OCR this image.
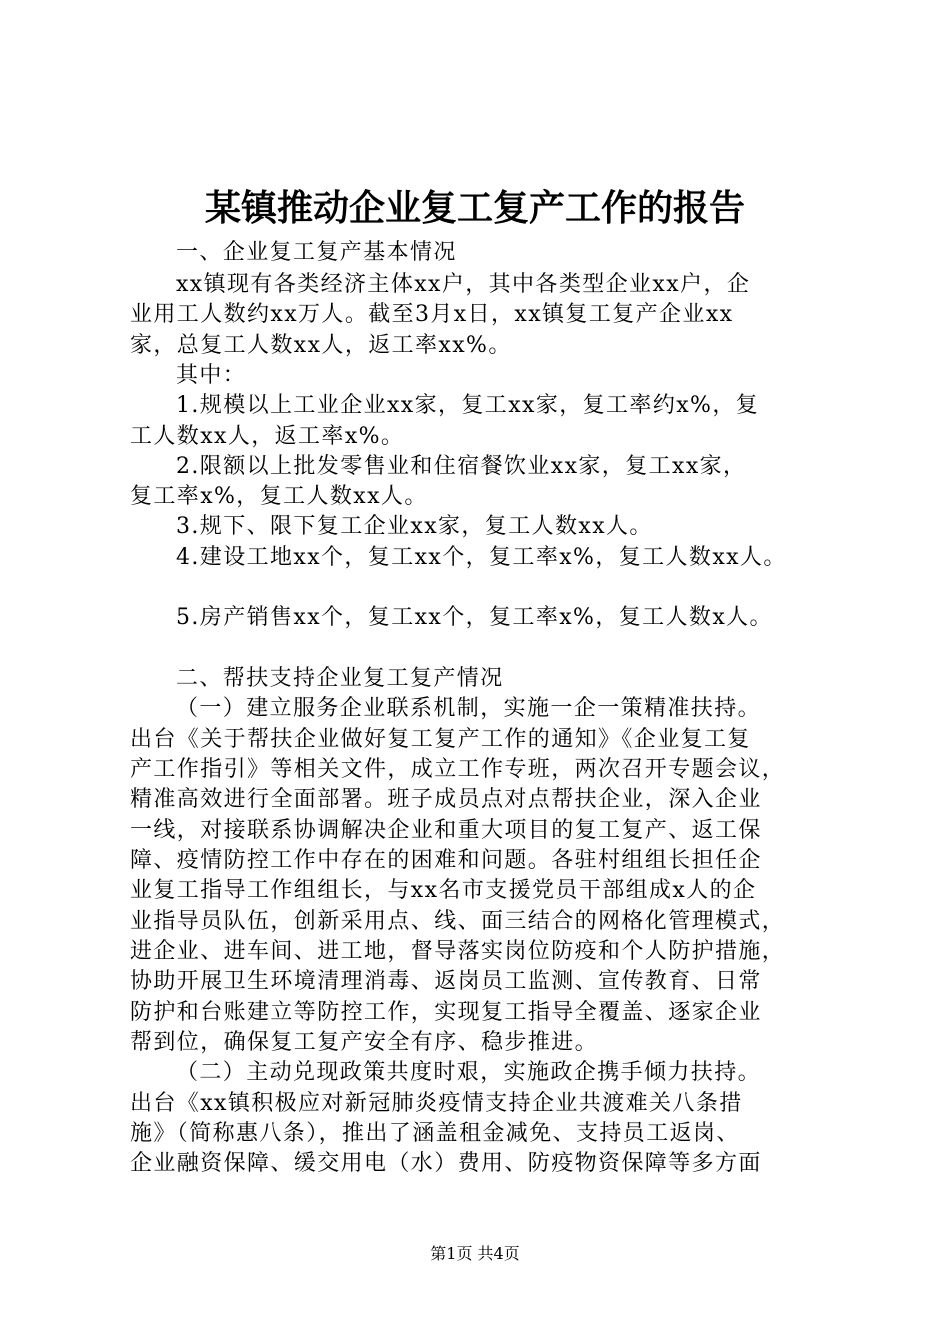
某镇推动企业复工复产工作的报告
一、企业复工复产基本情况
xx镇现有各类经济主体xx户，其中各类型企业xx户，企
业用工人数约xx万人。截至3月x日，xx镇复工复产企业xx
家，总复工人数xx人，返工率xx%。
其中：
1.规模以上工业企业xx家，复工xx家，复工率约x%，复
工人数xx人，返工率x%。
2.限额以上批发零售业和住宿餐饮业xx家，复工xx家，
复工率x%，复工人数xx人。
3.规下、限下复工企业xx家，复工人数xx人。
4.建设工地xx个，复工xx个，复工率x%，复工人数xx人。
5.房产销售xx个，复工xx个，复工率x%，复工人数x人。
二、帮扶支持企业复工复产情况
（一）建立服务企业联系机制，实施一企一策精准扶持。
出台《关于帮扶企业做好复工复产工作的通知》《企业复工复
产工作指引》等相关文件，成立工作专班，两次召开专题会议，
精准高效进行全面部署。班子成员点对点帮扶企业，深入企业
一线，对接联系协调解决企业和重大项目的复工复产、返工保
障、疫情防控工作中存在的困难和问题。各驻村组组长担任企
业复工指导工作组组长，与xx名市支援党员干部组成x人的企
业指导员队伍，创新采用点、线、面三结合的网格化管理模式，
进企业、进车间、进工地，督导落实岗位防疫和个人防护措施，
协助开展卫生环境清理消毒、返岗员工监测、宣传教育、日常
防护和台账建立等防控工作，实现复工指导全覆盖、逐家企业
帮到位，确保复工复产安全有序、稳步推进。
（二）主动兑现政策共度时艰，实施政企携手倾力扶持。
出台《xx镇积极应对新冠肺炎疫情支持企业共渡难关八条措
施》（简称惠八条），推出了涵盖租金减免、支持员工返岗、
企业融资保障、缓交用电（水）费用、防疫物资保障等多方面
第1页 共4页
